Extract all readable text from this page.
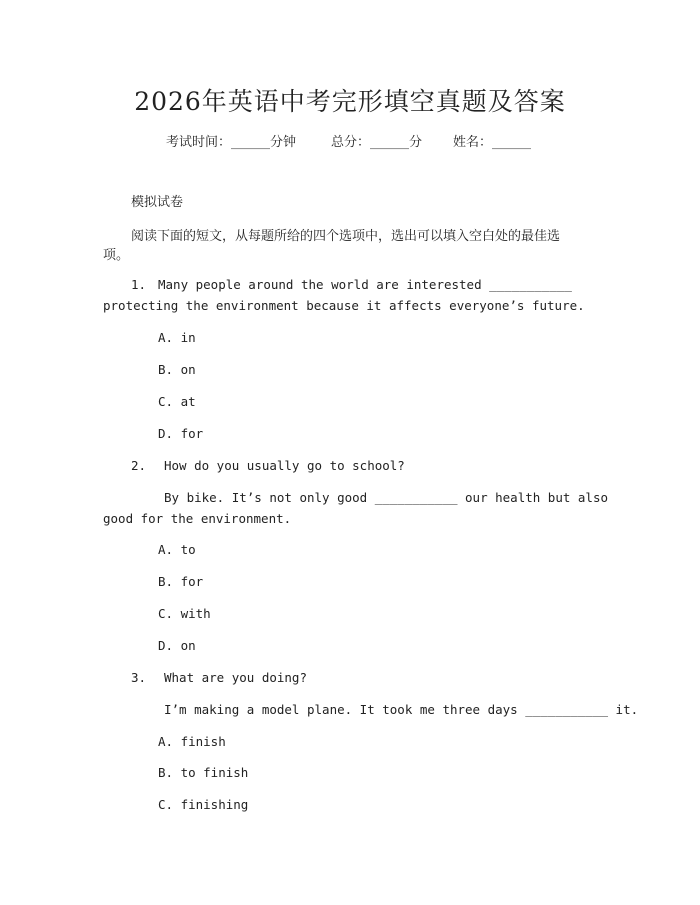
2026年英语中考完形填空真题及答案
考试时间：______分钟	总分：______分 姓名：______
模拟试卷
阅读下面的短文，从每题所给的四个选项中，选出可以填入空白处的最佳选
项。
1. Many people around the world are interested ___________
protecting the environment because it affects everyone’s future.
A. in
B. on
C. at
D. for
2. How do you usually go to school?
By bike. It’s not only good ___________ our health but also
good for the environment.
A. to
B. for
C. with
D. on
3. What are you doing?
I’m making a model plane. It took me three days ___________ it.
A. finish
B. to finish
C. finishing
